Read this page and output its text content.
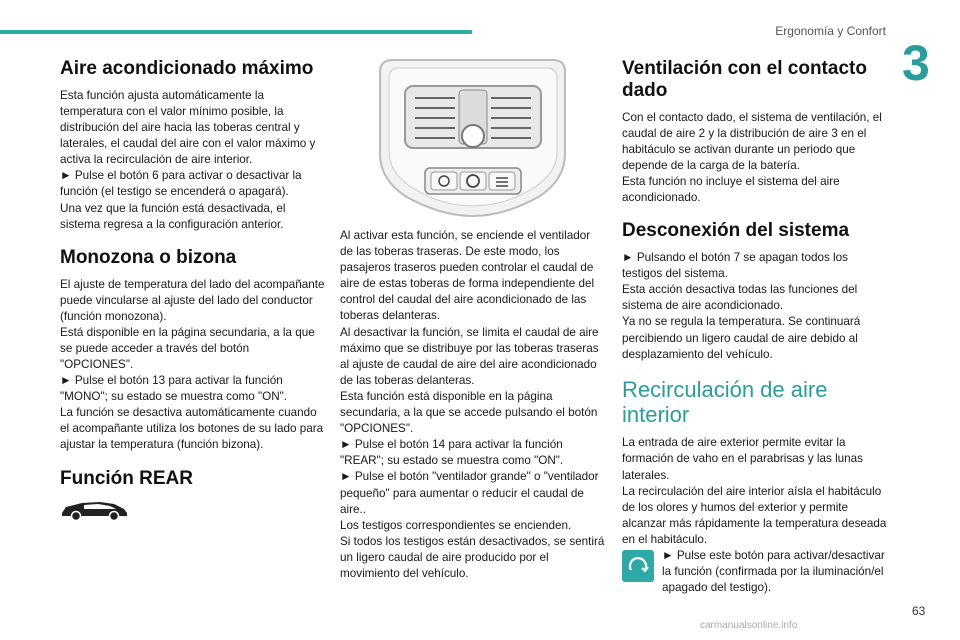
Ergonomía y Confort
3
Aire acondicionado máximo

Esta función ajusta automáticamente la temperatura con el valor mínimo posible, la distribución del aire hacia las toberas central y laterales, el caudal del aire con el valor máximo y activa la recirculación de aire interior.

► Pulse el botón 6 para activar o desactivar la función (el testigo se encenderá o apagará).

Una vez que la función está desactivada, el sistema regresa a la configuración anterior.

Monozona o bizona

El ajuste de temperatura del lado del acompañante puede vincularse al ajuste del lado del conductor (función monozona).

Está disponible en la página secundaria, a la que se puede acceder a través del botón "OPCIONES".

► Pulse el botón 13 para activar la función "MONO"; su estado se muestra como "ON".

La función se desactiva automáticamente cuando el acompañante utiliza los botones de su lado para ajustar la temperatura (función bizona).

Función REAR

Al activar esta función, se enciende el ventilador de las toberas traseras. De este modo, los pasajeros traseros pueden controlar el caudal de aire de estas toberas de forma independiente del control del caudal del aire acondicionado de las toberas delanteras.

Al desactivar la función, se limita el caudal de aire máximo que se distribuye por las toberas traseras al ajuste de caudal de aire del aire acondicionado de las toberas delanteras.

Esta función está disponible en la página secundaria, a la que se accede pulsando el botón "OPCIONES".

► Pulse el botón 14 para activar la función "REAR"; su estado se muestra como "ON".

► Pulse el botón "ventilador grande" o "ventilador pequeño" para aumentar o reducir el caudal de aire..

Los testigos correspondientes se encienden.

Si todos los testigos están desactivados, se sentirá un ligero caudal de aire producido por el movimiento del vehículo.

Ventilación con el contacto dado

Con el contacto dado, el sistema de ventilación, el caudal de aire 2 y la distribución de aire 3 en el habitáculo se activan durante un periodo que depende de la carga de la batería.

Esta función no incluye el sistema del aire acondicionado.

Desconexión del sistema

► Pulsando el botón 7 se apagan todos los testigos del sistema.

Esta acción desactiva todas las funciones del sistema de aire acondicionado.

Ya no se regula la temperatura. Se continuará percibiendo un ligero caudal de aire debido al desplazamiento del vehículo.

Recirculación de aire interior

La entrada de aire exterior permite evitar la formación de vaho en el parabrisas y las lunas laterales.

La recirculación del aire interior aísla el habitáculo de los olores y humos del exterior y permite alcanzar más rápidamente la temperatura deseada en el habitáculo.

► Pulse este botón para activar/desactivar la función (confirmada por la iluminación/el apagado del testigo).

63
carmanualsonline.info
